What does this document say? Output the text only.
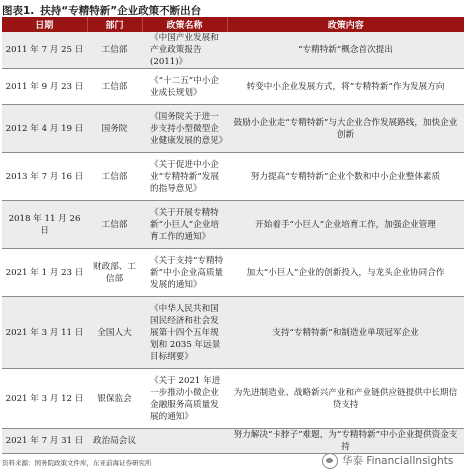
图表1. 扶持“专精特新”企业政策不断出台
日期	部门	政策名称	政策内容
2011 年 7 月 25 日	工信部	《中国产业发展和产业政策报告(2011)》	“专精特新”概念首次提出
2011 年 9 月 23 日	工信部	《“十二五”中小企业成长规划》	转变中小企业发展方式，将“专精特新”作为发展方向
2012 年 4 月 19 日	国务院	《国务院关于进一步支持小型微型企业健康发展的意见》	鼓励小企业走“专精特新”与大企业合作发展路线，加快企业创新
2013 年 7 月 16 日	工信部	《关于促进中小企业“专精特新”发展的指导意见》	努力提高“专精特新”企业个数和中小企业整体素质
2018 年 11 月 26 日	工信部	《关于开展专精特新“小巨人”企业培育工作的通知》	开始着手“小巨人”企业培育工作，加强企业管理
2021 年 1 月 23 日	财政部、工信部	《关于支持“专精特新”中小企业高质量发展的通知》	加大“小巨人”企业的创新投入，与龙头企业协同合作
2021 年 3 月 11 日	全国人大	《中华人民共和国国民经济和社会发展第十四个五年规划和 2035 年远景目标纲要》	支持“专精特新”和制造业单项冠军企业
2021 年 3 月 12 日	银保监会	《关于 2021 年进一步推动小微企业金融服务高质量发展的通知》	为先进制造业、战略新兴产业和产业链供应链提供中长期信贷支持
2021 年 7 月 31 日	政治局会议		努力解决“卡脖子”难题，为“专精特新”中小企业提供资金支持
资料来源：国务院政策文件库，东亚前海证券研究所	华泰 FinancialInsights
